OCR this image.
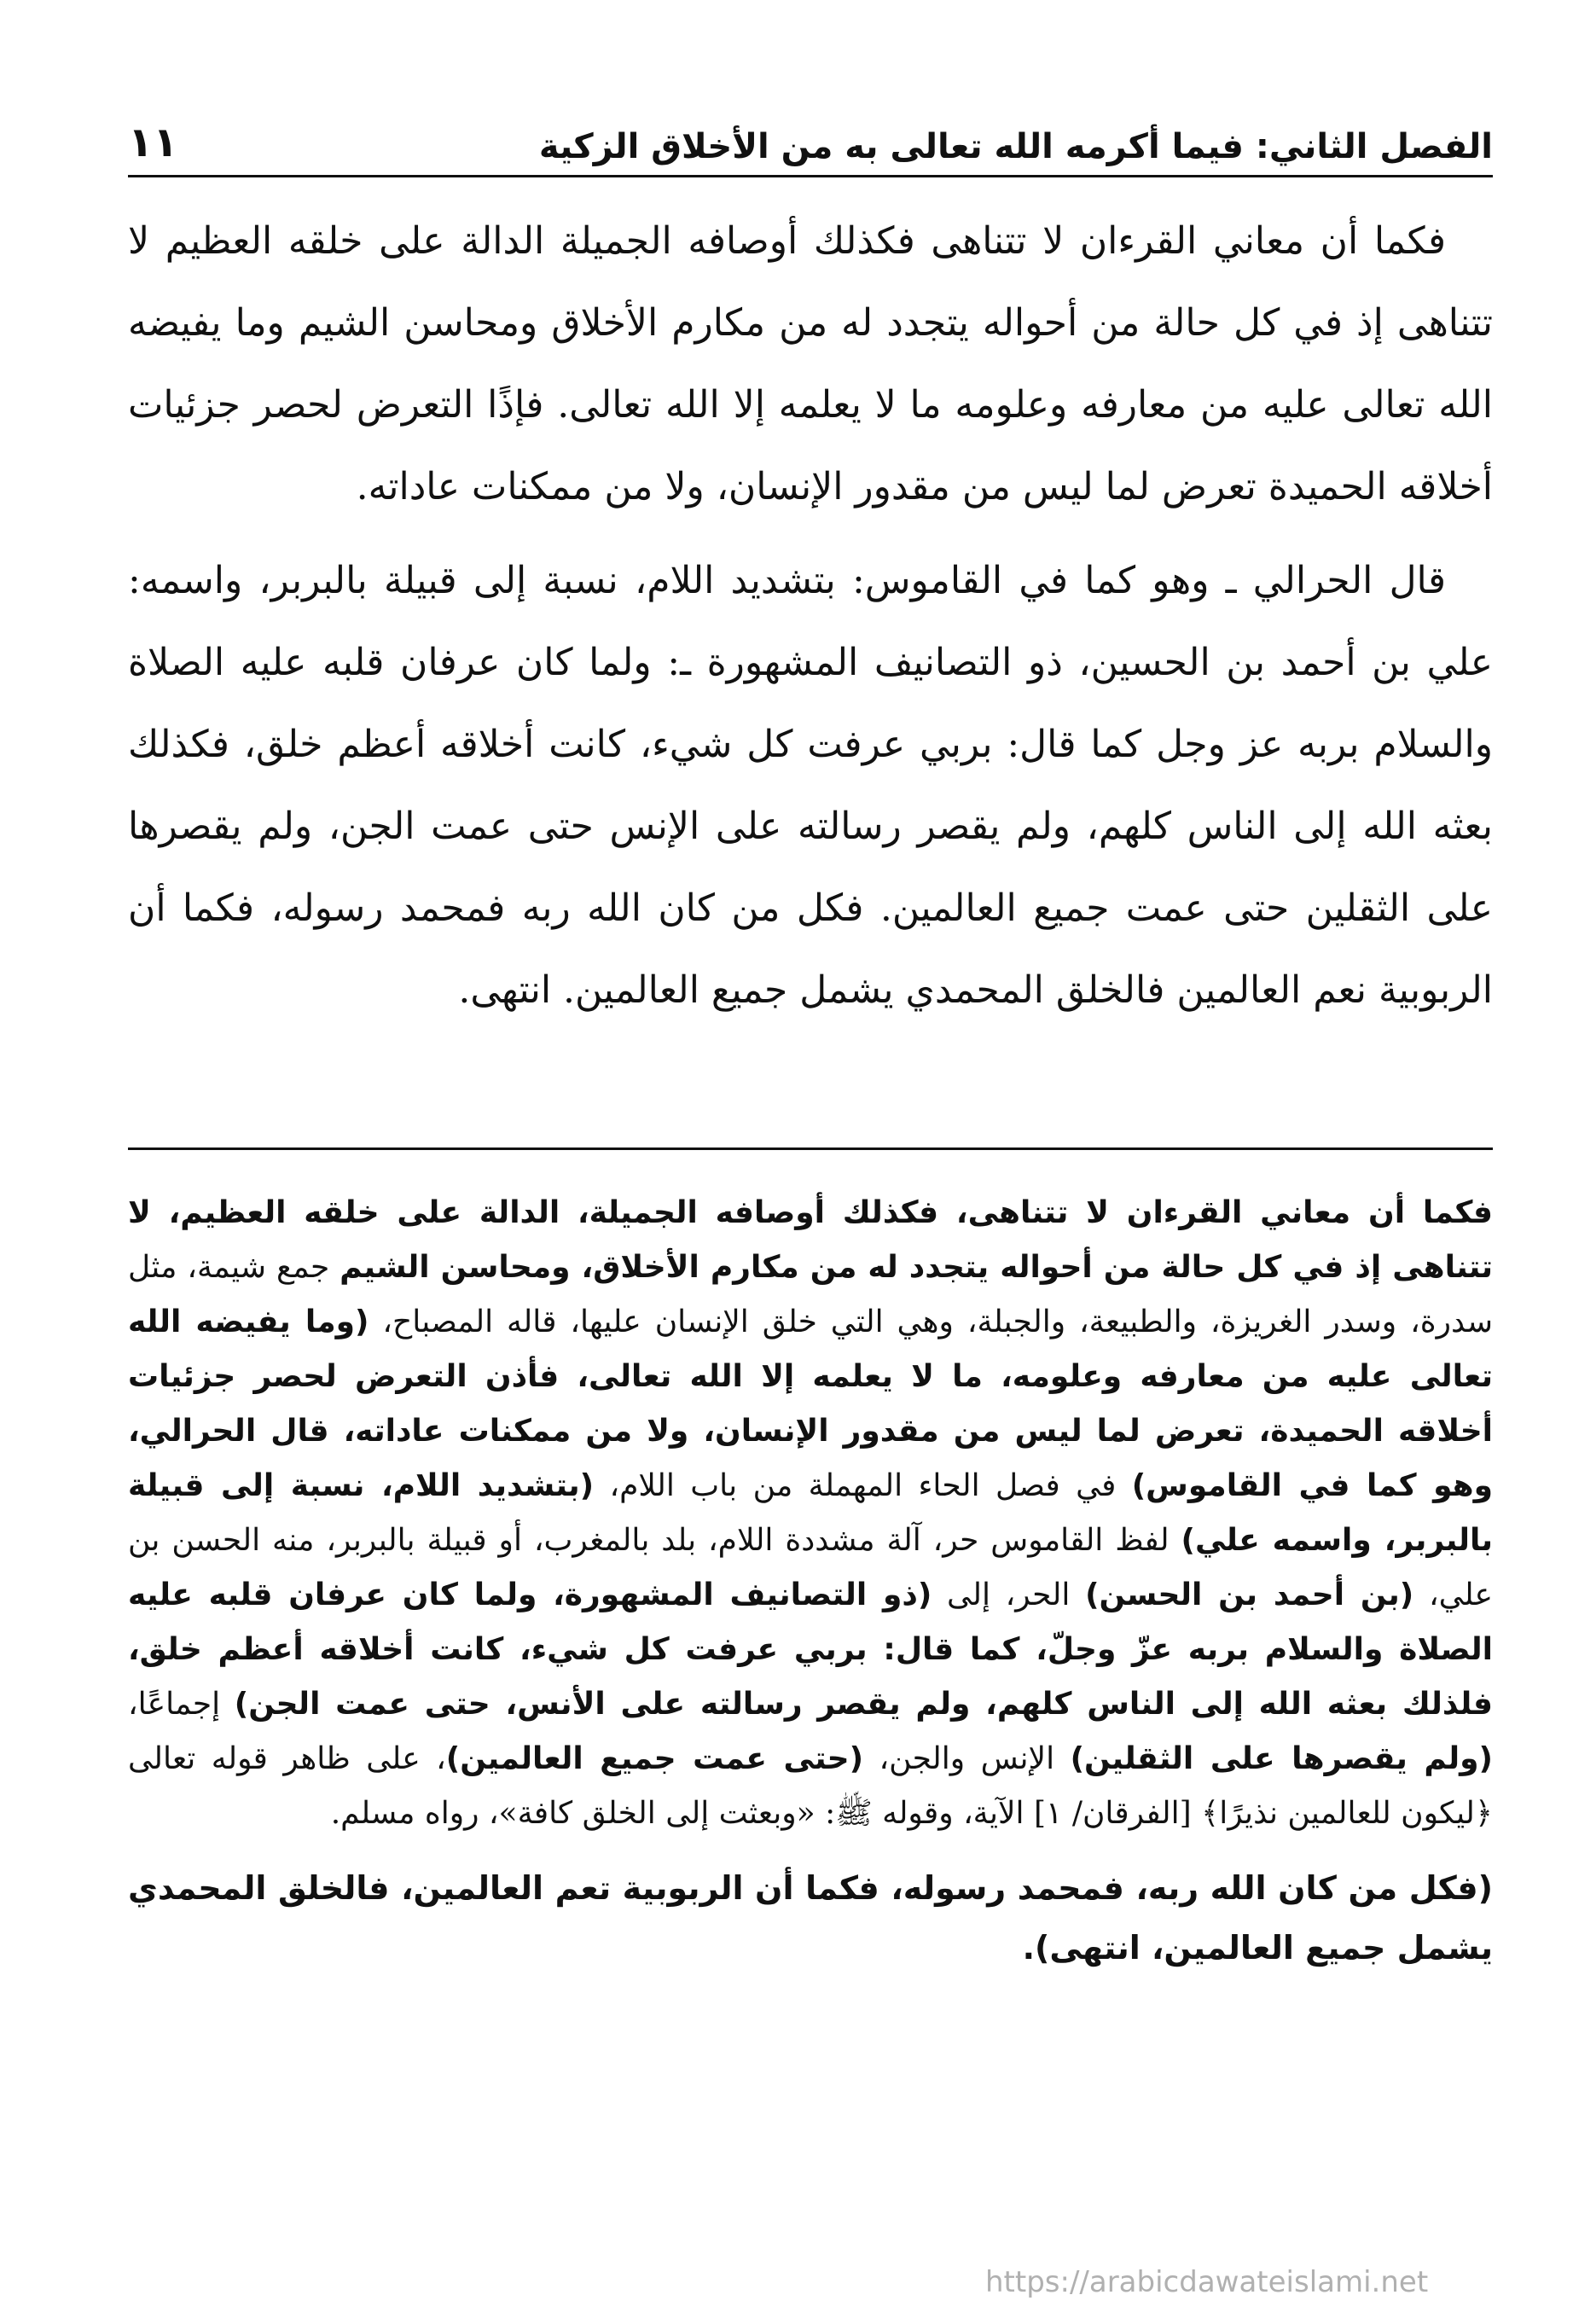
الفصل الثاني: فيما أكرمه الله تعالى به من الأخلاق الزكية
١١

فكما أن معاني القرءان لا تتناهى فكذلك أوصافه الجميلة الدالة على خلقه العظيم لا تتناهى إذ في كل حالة من أحواله يتجدد له من مكارم الأخلاق ومحاسن الشيم وما يفيضه الله تعالى عليه من معارفه وعلومه ما لا يعلمه إلا الله تعالى. فإذًا التعرض لحصر جزئيات أخلاقه الحميدة تعرض لما ليس من مقدور الإنسان، ولا من ممكنات عاداته.

قال الحرالي ـ وهو كما في القاموس: بتشديد اللام، نسبة إلى قبيلة بالبربر، واسمه: علي بن أحمد بن الحسين، ذو التصانيف المشهورة ـ: ولما كان عرفان قلبه عليه الصلاة والسلام بربه عز وجل كما قال: بربي عرفت كل شيء، كانت أخلاقه أعظم خلق، فكذلك بعثه الله إلى الناس كلهم، ولم يقصر رسالته على الإنس حتى عمت الجن، ولم يقصرها على الثقلين حتى عمت جميع العالمين. فكل من كان الله ربه فمحمد رسوله، فكما أن الربوبية نعم العالمين فالخلق المحمدي يشمل جميع العالمين. انتهى.

فكما أن معاني القرءان لا تتناهى، فكذلك أوصافه الجميلة، الدالة على خلقه العظيم، لا تتناهى إذ في كل حالة من أحواله يتجدد له من مكارم الأخلاق، ومحاسن الشيم جمع شيمة، مثل سدرة، وسدر الغريزة، والطبيعة، والجبلة، وهي التي خلق الإنسان عليها، قاله المصباح، (وما يفيضه الله تعالى عليه من معارفه وعلومه، ما لا يعلمه إلا الله تعالى، فأذن التعرض لحصر جزئيات أخلاقه الحميدة، تعرض لما ليس من مقدور الإنسان، ولا من ممكنات عاداته، قال الحرالي، وهو كما في القاموس) في فصل الحاء المهملة من باب اللام، (بتشديد اللام، نسبة إلى قبيلة بالبربر، واسمه علي) لفظ القاموس حر، آلة مشددة اللام، بلد بالمغرب، أو قبيلة بالبربر، منه الحسن بن علي، (بن أحمد بن الحسن) الحر، إلى (ذو التصانيف المشهورة، ولما كان عرفان قلبه عليه الصلاة والسلام بربه عزّ وجلّ، كما قال: بربي عرفت كل شيء، كانت أخلاقه أعظم خلق، فلذلك بعثه الله إلى الناس كلهم، ولم يقصر رسالته على الأنس، حتى عمت الجن) إجماعًا، (ولم يقصرها على الثقلين) الإنس والجن، (حتى عمت جميع العالمين)، على ظاهر قوله تعالى ﴿ليكون للعالمين نذيرًا﴾ [الفرقان/ ١] الآية، وقوله ﷺ: «وبعثت إلى الخلق كافة»، رواه مسلم.

(فكل من كان الله ربه، فمحمد رسوله، فكما أن الربوبية تعم العالمين، فالخلق المحمدي يشمل جميع العالمين، انتهى).

https://arabicdawateislami.net
